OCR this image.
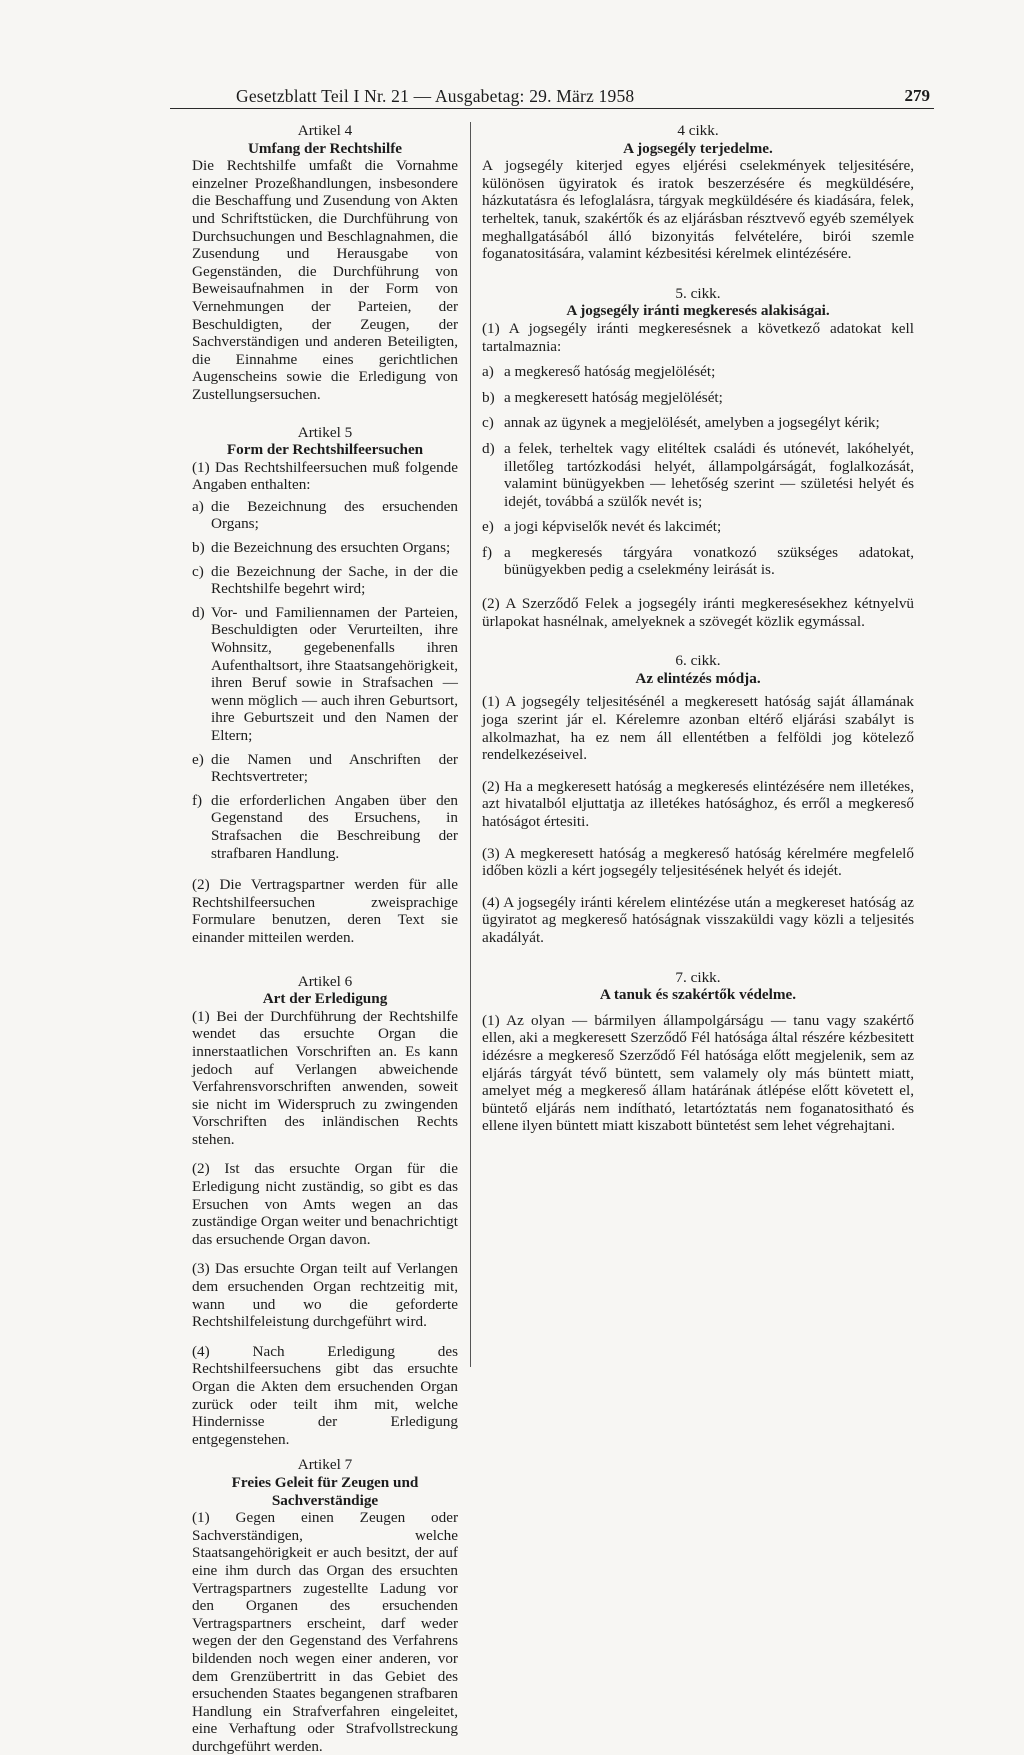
Gesetzblatt Teil I Nr. 21 — Ausgabetag: 29. März 1958	279
Artikel 4
Umfang der Rechtshilfe

Die Rechtshilfe umfaßt die Vornahme einzelner Prozeßhandlungen, insbesondere die Beschaffung und Zusendung von Akten und Schriftstücken, die Durchführung von Durchsuchungen und Beschlagnahmen, die Zusendung und Herausgabe von Gegenständen, die Durchführung von Beweisaufnahmen in der Form von Vernehmungen der Parteien, der Beschuldigten, der Zeugen, der Sachverständigen und anderen Beteiligten, die Einnahme eines gerichtlichen Augenscheins sowie die Erledigung von Zustellungsersuchen.

Artikel 5
Form der Rechtshilfeersuchen

(1) Das Rechtshilfeersuchen muß folgende Angaben enthalten:

a) die Bezeichnung des ersuchenden Organs;
b) die Bezeichnung des ersuchten Organs;
c) die Bezeichnung der Sache, in der die Rechtshilfe begehrt wird;
d) Vor- und Familiennamen der Parteien, Beschuldigten oder Verurteilten, ihre Wohnsitz, gegebenenfalls ihren Aufenthaltsort, ihre Staatsangehörigkeit, ihren Beruf sowie in Strafsachen — wenn möglich — auch ihren Geburtsort, ihre Geburtszeit und den Namen der Eltern;
e) die Namen und Anschriften der Rechtsvertreter;
f) die erforderlichen Angaben über den Gegenstand des Ersuchens, in Strafsachen die Beschreibung der strafbaren Handlung.

(2) Die Vertragspartner werden für alle Rechtshilfeersuchen zweisprachige Formulare benutzen, deren Text sie einander mitteilen werden.

Artikel 6
Art der Erledigung

(1) Bei der Durchführung der Rechtshilfe wendet das ersuchte Organ die innerstaatlichen Vorschriften an. Es kann jedoch auf Verlangen abweichende Verfahrensvorschriften anwenden, soweit sie nicht im Widerspruch zu zwingenden Vorschriften des inländischen Rechts stehen.

(2) Ist das ersuchte Organ für die Erledigung nicht zuständig, so gibt es das Ersuchen von Amts wegen an das zuständige Organ weiter und benachrichtigt das ersuchende Organ davon.

(3) Das ersuchte Organ teilt auf Verlangen dem ersuchenden Organ rechtzeitig mit, wann und wo die geforderte Rechtshilfeleistung durchgeführt wird.

(4) Nach Erledigung des Rechtshilfeersuchens gibt das ersuchte Organ die Akten dem ersuchenden Organ zurück oder teilt ihm mit, welche Hindernisse der Erledigung entgegenstehen.

Artikel 7
Freies Geleit für Zeugen und Sachverständige

(1) Gegen einen Zeugen oder Sachverständigen, welche Staatsangehörigkeit er auch besitzt, der auf eine ihm durch das Organ des ersuchten Vertragspartners zugestellte Ladung vor den Organen des ersuchenden Vertragspartners erscheint, darf weder wegen der den Gegenstand des Verfahrens bildenden noch wegen einer anderen, vor dem Grenzübertritt in das Gebiet des ersuchenden Staates begangenen strafbaren Handlung ein Strafverfahren eingeleitet, eine Verhaftung oder Strafvollstreckung durchgeführt werden.

4 cikk.
A jogsegély terjedelme.

A jogsegély kiterjed egyes eljérési cselekmények teljesitésére, különösen ügyiratok és iratok beszerzésére és megküldésére, házkutatásra és lefoglalásra, tárgyak megküldésére és kiadására, felek, terheltek, tanuk, szakértők és az eljárásban résztvevő egyéb személyek meghallgatásából álló bizonyitás felvételére, birói szemle foganatositására, valamint kézbesitési kérelmek elintézésére.

5. cikk.
A jogsegély iránti megkeresés alakiságai.

(1) A jogsegély iránti megkeresésnek a következő adatokat kell tartalmaznia:

a) a megkereső hatóság megjelölését;
b) a megkeresett hatóság megjelölését;
c) annak az ügynek a megjelölését, amelyben a jogsegélyt kérik;
d) a felek, terheltek vagy elitéltek családi és utónevét, lakóhelyét, illetőleg tartózkodási helyét, állampolgárságát, foglalkozását, valamint bünügyekben — lehetőség szerint — születési helyét és idejét, továbbá a szülők nevét is;
e) a jogi képviselők nevét és lakcimét;
f) a megkeresés tárgyára vonatkozó szükséges adatokat, bünügyekben pedig a cselekmény leirását is.

(2) A Szerződő Felek a jogsegély iránti megkeresésekhez kétnyelvü ürlapokat hasnélnak, amelyeknek a szövegét közlik egymással.

6. cikk.
Az elintézés módja.

(1) A jogsegély teljesitésénél a megkeresett hatóság saját államának joga szerint jár el. Kérelemre azonban eltérő eljárási szabályt is alkolmazhat, ha ez nem áll ellentétben a felföldi jog kötelező rendelkezéseivel.

(2) Ha a megkeresett hatóság a megkeresés elintézésére nem illetékes, azt hivatalból eljuttatja az illetékes hatósághoz, és erről a megkereső hatóságot értesiti.

(3) A megkeresett hatóság a megkereső hatóság kérelmére megfelelő időben közli a kért jogsegély teljesitésének helyét és idejét.

(4) A jogsegély iránti kérelem elintézése után a megkereset hatóság az ügyiratot ag megkereső hatóságnak visszaküldi vagy közli a teljesités akadályát.

7. cikk.
A tanuk és szakértők védelme.

(1) Az olyan — bármilyen állampolgárságu — tanu vagy szakértő ellen, aki a megkeresett Szerződő Fél hatósága által részére kézbesitett idézésre a megkereső Szerződő Fél hatósága előtt megjelenik, sem az eljárás tárgyát tévő büntett, sem valamely oly más büntett miatt, amelyet még a megkereső állam határának átlépése előtt követett el, büntető eljárás nem indítható, letartóztatás nem foganatositható és ellene ilyen büntett miatt kiszabott büntetést sem lehet végrehajtani.
